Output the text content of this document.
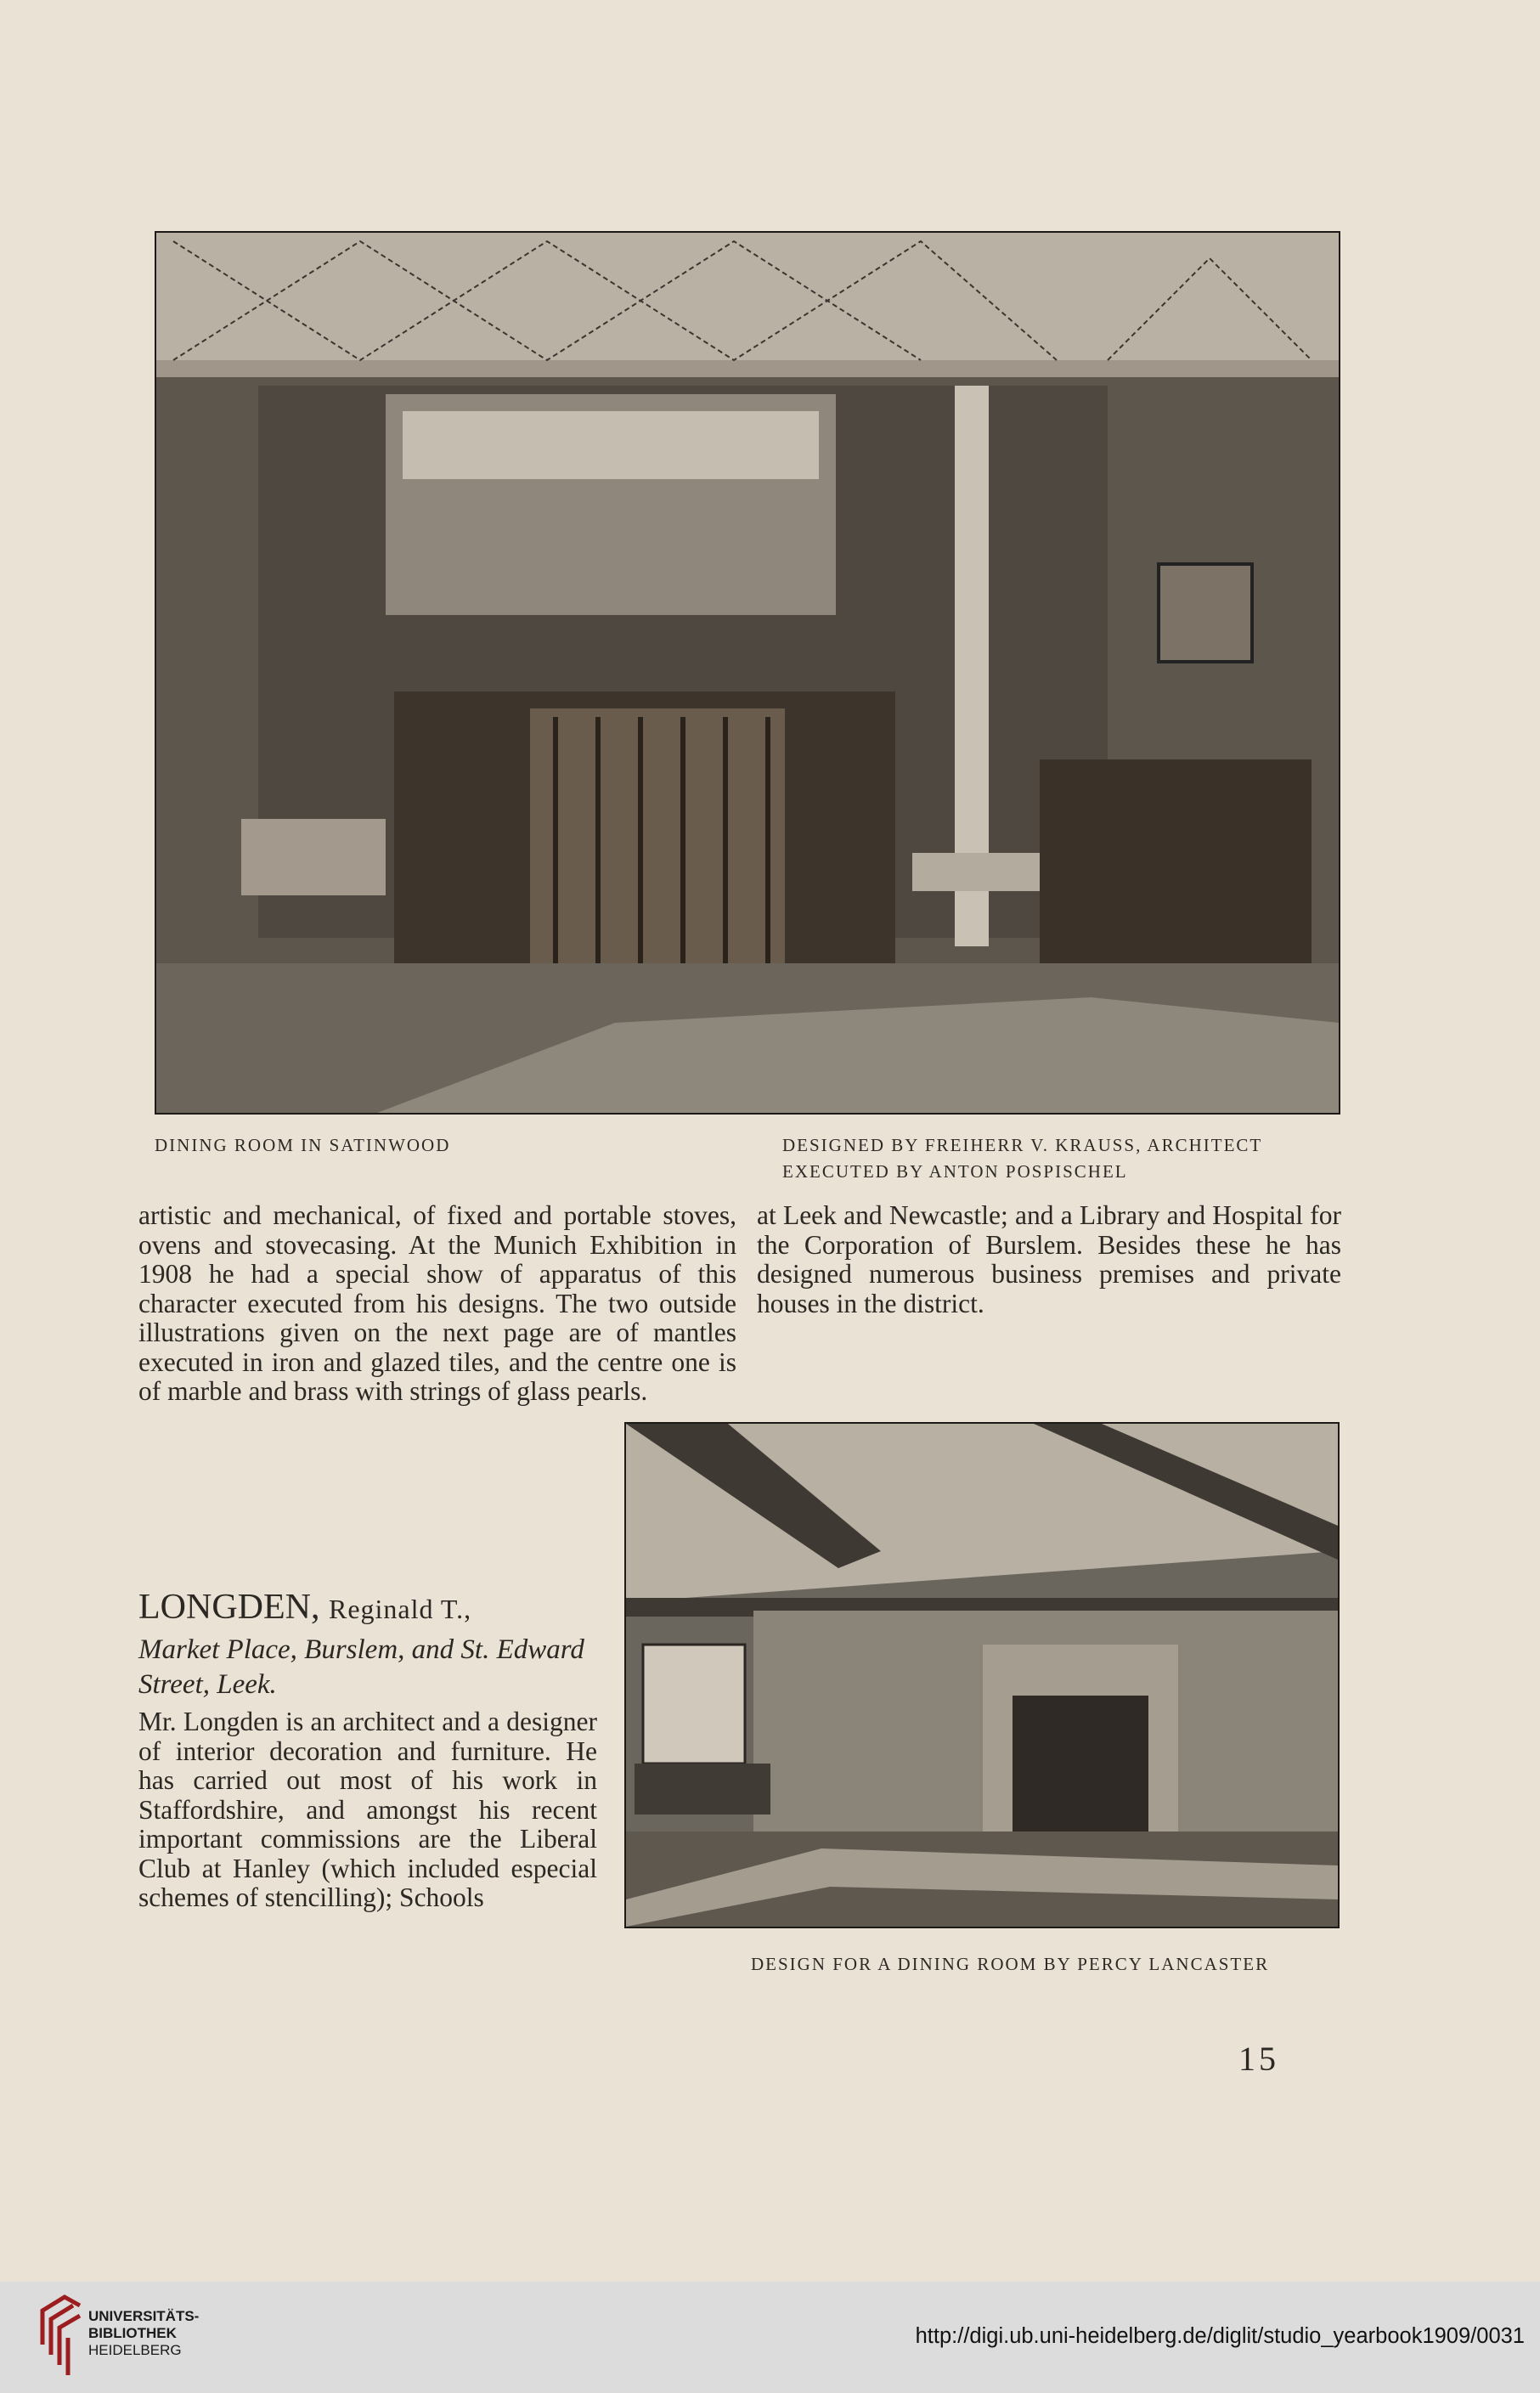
DINING ROOM IN SATINWOOD	DESIGNED BY FREIHERR V. KRAUSS, ARCHITECT
EXECUTED BY ANTON POSPISCHEL

artistic and mechanical, of fixed and portable stoves, ovens and stovecasing. At the Munich Exhibition in 1908 he had a special show of apparatus of this character executed from his designs. The two outside illustrations given on the next page are of mantles executed in iron and glazed tiles, and the centre one is of marble and brass with strings of glass pearls.

at Leek and Newcastle; and a Library and Hospital for the Corporation of Burslem. Besides these he has designed numerous business premises and private houses in the district.

LONGDEN, Reginald T.,
Market Place, Burslem, and St. Edward Street, Leek.

Mr. Longden is an architect and a designer of interior decoration and furniture. He has carried out most of his work in Staffordshire, and amongst his recent important commissions are the Liberal Club at Hanley (which included especial schemes of stencilling); Schools

DESIGN FOR A DINING ROOM BY PERCY LANCASTER
15
UNIVERSITÄTS-
BIBLIOTHEK
HEIDELBERG
http://digi.ub.uni-heidelberg.de/diglit/studio_yearbook1909/0031
